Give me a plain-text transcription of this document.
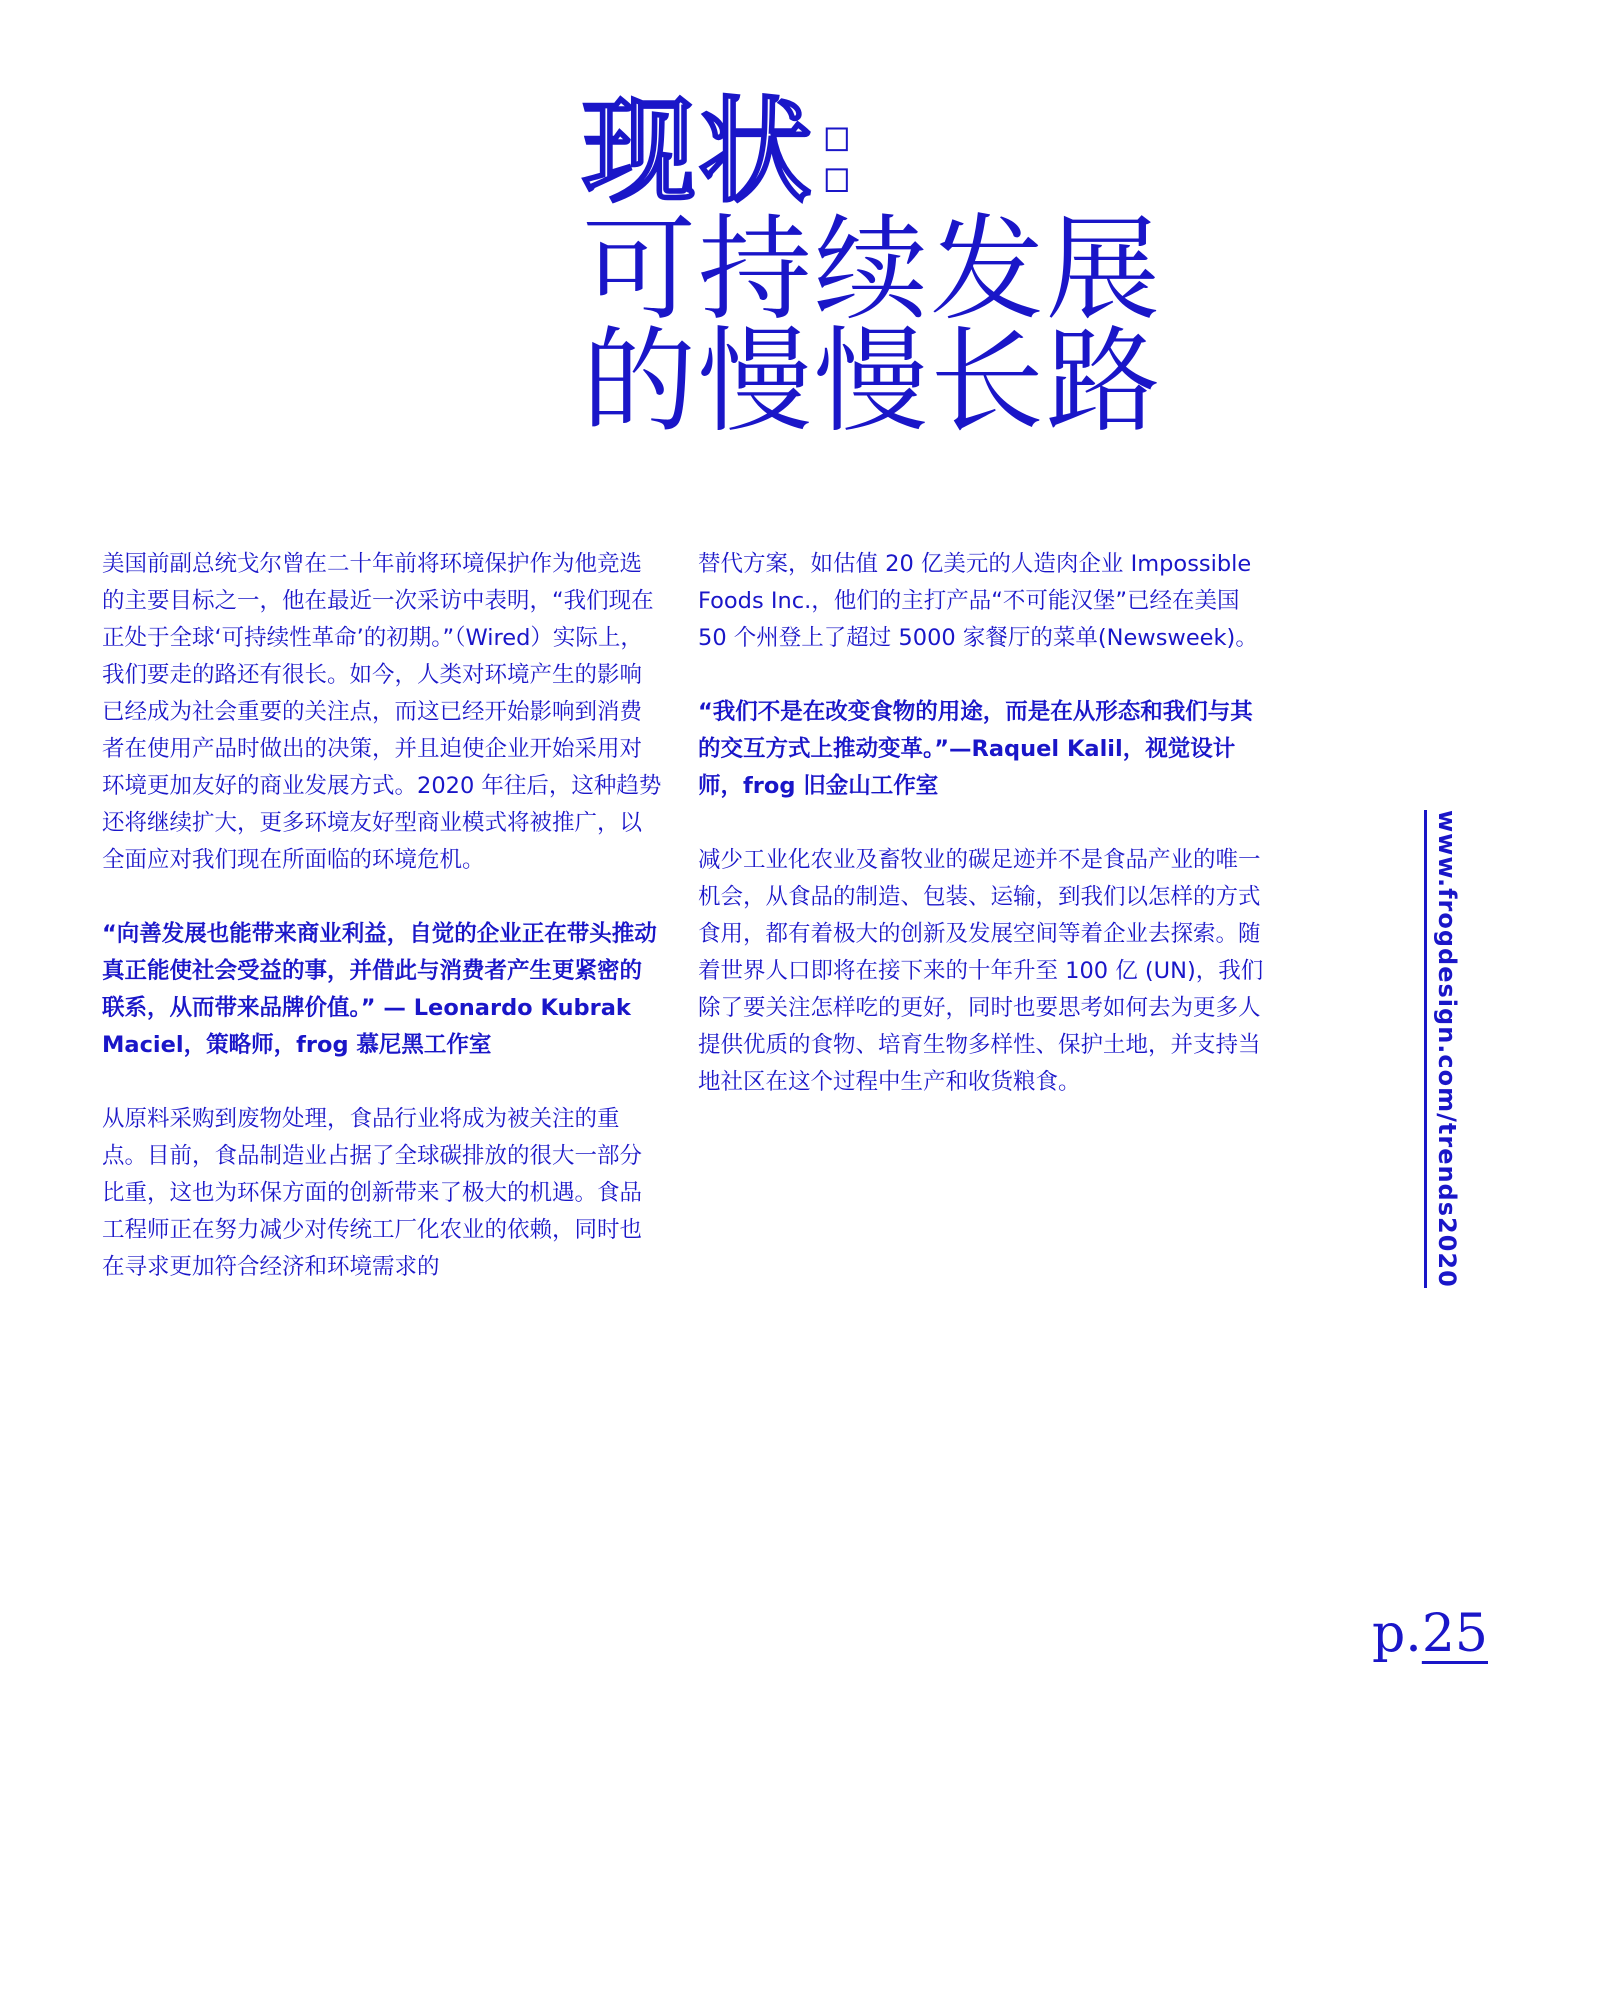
现状:
可持续发展
的慢慢长路

美国前副总统戈尔曾在二十年前将环境保护作为他竞选的主要目标之一，他在最近一次采访中表明，“我们现在正处于全球‘可持续性革命’的初期。”（Wired）实际上，我们要走的路还有很长。如今，人类对环境产生的影响已经成为社会重要的关注点，而这已经开始影响到消费者在使用产品时做出的决策，并且迫使企业开始采用对环境更加友好的商业发展方式。2020 年往后，这种趋势还将继续扩大，更多环境友好型商业模式将被推广，以全面应对我们现在所面临的环境危机。

“向善发展也能带来商业利益，自觉的企业正在带头推动真正能使社会受益的事，并借此与消费者产生更紧密的联系，从而带来品牌价值。” — Leonardo Kubrak Maciel，策略师，frog 慕尼黑工作室

从原料采购到废物处理，食品行业将成为被关注的重点。目前，食品制造业占据了全球碳排放的很大一部分比重，这也为环保方面的创新带来了极大的机遇。食品工程师正在努力减少对传统工厂化农业的依赖，同时也在寻求更加符合经济和环境需求的

替代方案，如估值 20 亿美元的人造肉企业 Impossible Foods Inc.，他们的主打产品“不可能汉堡”已经在美国 50 个州登上了超过 5000 家餐厅的菜单(Newsweek)。

“我们不是在改变食物的用途，而是在从形态和我们与其的交互方式上推动变革。”—Raquel Kalil，视觉设计师，frog 旧金山工作室

减少工业化农业及畜牧业的碳足迹并不是食品产业的唯一机会，从食品的制造、包装、运输，到我们以怎样的方式食用，都有着极大的创新及发展空间等着企业去探索。随着世界人口即将在接下来的十年升至 100 亿 (UN)，我们除了要关注怎样吃的更好，同时也要思考如何去为更多人提供优质的食物、培育生物多样性、保护土地，并支持当地社区在这个过程中生产和收货粮食。	www.frogdesign.com/trends2020
p.25
